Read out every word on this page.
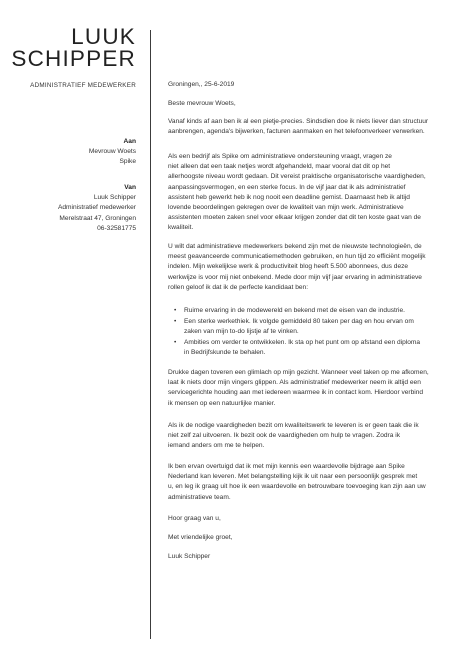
LUUK
SCHIPPER
ADMINISTRATIEF MEDEWERKER
Aan
Mevrouw Woets
Spike
Van
Luuk Schipper
Administratief medewerker
Merelstraat 47, Groningen
06-32581775
Groningen,, 25-6-2019
Beste mevrouw Woets,
Vanaf kinds af aan ben ik al een pietje-precies. Sindsdien doe ik niets liever dan structuur
aanbrengen, agenda's bijwerken, facturen aanmaken en het telefoonverkeer verwerken.
Als een bedrijf als Spike om administratieve ondersteuning vraagt, vragen ze
niet alleen dat een taak netjes wordt afgehandeld, maar vooral dat dit op het
allerhoogste niveau wordt gedaan. Dit vereist praktische organisatorische vaardigheden,
aanpassingsvermogen, en een sterke focus. In de vijf jaar dat ik als administratief
assistent heb gewerkt heb ik nog nooit een deadline gemist. Daarnaast heb ik altijd
lovende beoordelingen gekregen over de kwaliteit van mijn werk. Administratieve
assistenten moeten zaken snel voor elkaar krijgen zonder dat dit ten koste gaat van de
kwaliteit.
U wilt dat administratieve medewerkers bekend zijn met de nieuwste technologieën, de
meest geavanceerde communicatiemethoden gebruiken, en hun tijd zo efficiënt mogelijk
indelen. Mijn wekelijkse werk & productiviteit blog heeft 5.500 abonnees, dus deze
werkwijze is voor mij niet onbekend. Mede door mijn vijf jaar ervaring in administratieve
rollen geloof ik dat ik de perfecte kandidaat ben:
• Ruime ervaring in de modewereld en bekend met de eisen van de industrie.
• Een sterke werkethiek. Ik volgde gemiddeld 80 taken per dag en hou ervan om
zaken van mijn to-do lijstje af te vinken.
• Ambities om verder te ontwikkelen. Ik sta op het punt om op afstand een diploma
in Bedrijfskunde te behalen.
Drukke dagen toveren een glimlach op mijn gezicht. Wanneer veel taken op me afkomen,
laat ik niets door mijn vingers glippen. Als administratief medewerker neem ik altijd een
servicegerichte houding aan met iedereen waarmee ik in contact kom. Hierdoor verbind
ik mensen op een natuurlijke manier.
Als ik de nodige vaardigheden bezit om kwaliteitswerk te leveren is er geen taak die ik
niet zelf zal uitvoeren. Ik bezit ook de vaardigheden om hulp te vragen. Zodra ik
iemand anders om me te helpen.
Ik ben ervan overtuigd dat ik met mijn kennis een waardevolle bijdrage aan Spike
Nederland kan leveren. Met belangstelling kijk ik uit naar een persoonlijk gesprek met
u, en leg ik graag uit hoe ik een waardevolle en betrouwbare toevoeging kan zijn aan uw
administratieve team.
Hoor graag van u,
Met vriendelijke groet,
Luuk Schipper
